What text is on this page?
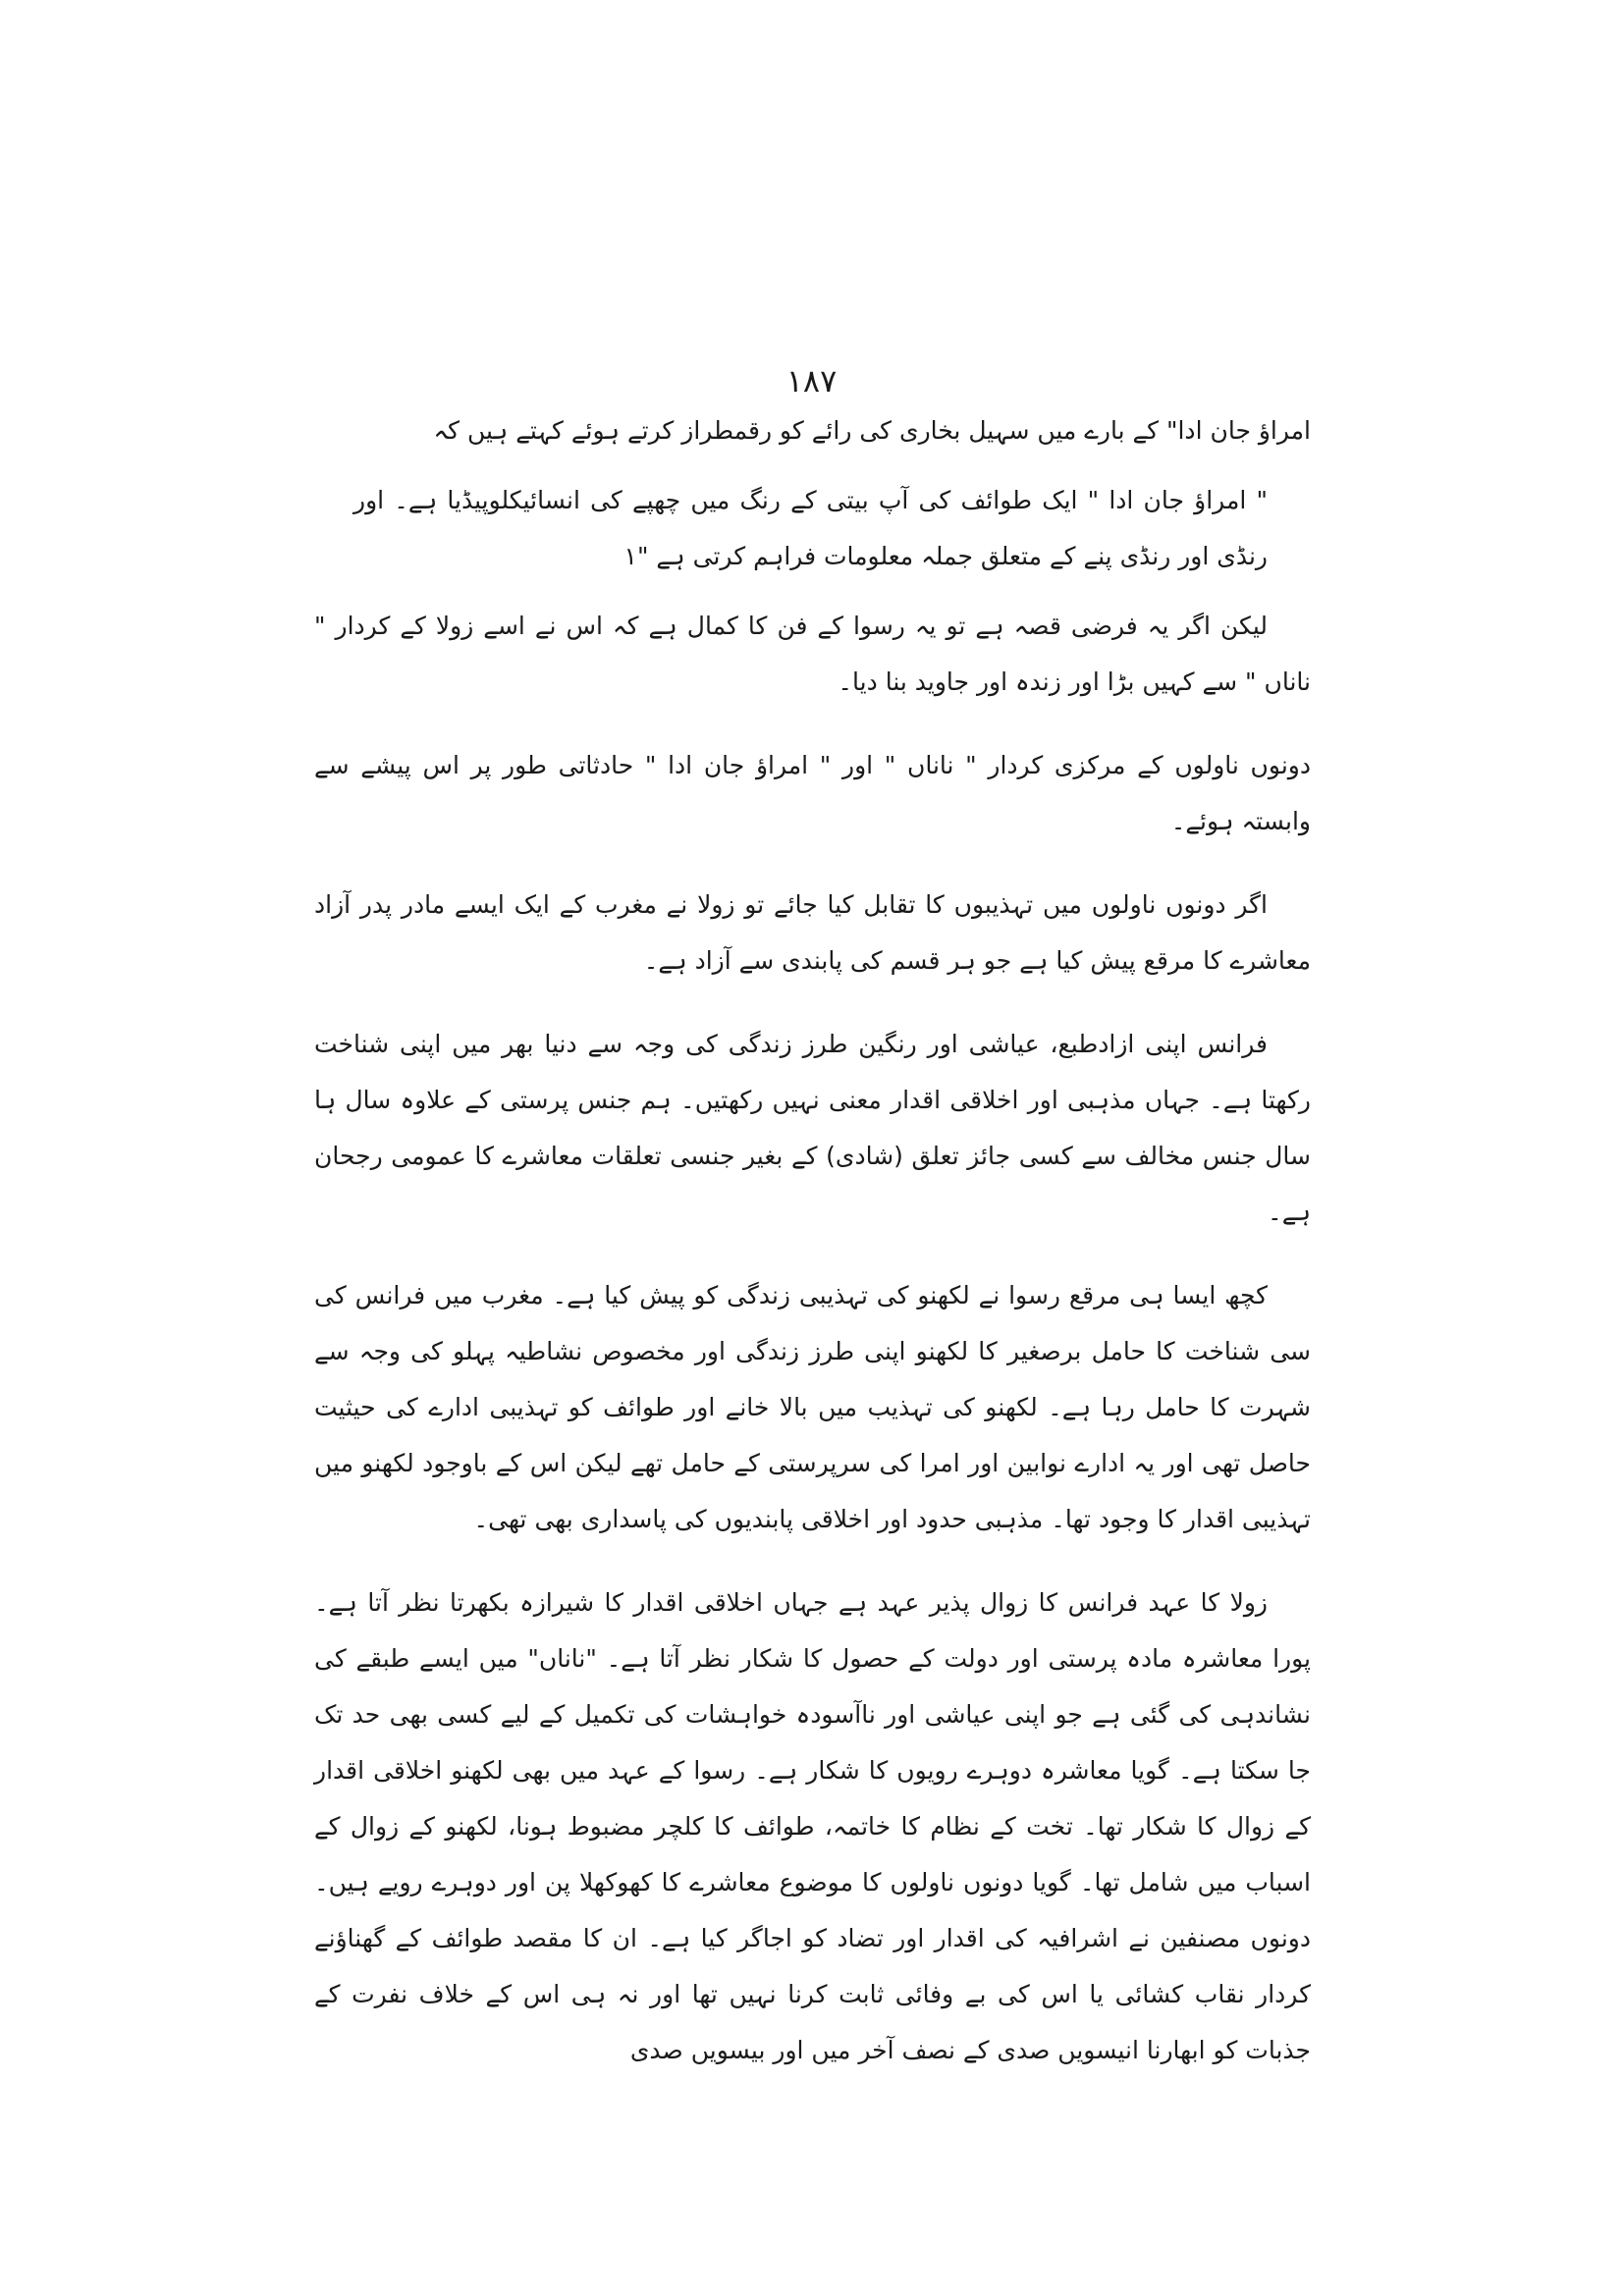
۱۸۷

امراؤ جان ادا" کے بارے میں سہیل بخاری کی رائے کو رقمطراز کرتے ہوئے کہتے ہیں کہ

" امراؤ جان ادا " ایک طوائف کی آپ بیتی کے رنگ میں چھپے کی انسائیکلوپیڈیا ہے۔ اور رنڈی اور رنڈی پنے کے متعلق جملہ معلومات فراہم کرتی ہے "۱

لیکن اگر یہ فرضی قصہ ہے تو یہ رسوا کے فن کا کمال ہے کہ اس نے اسے زولا کے کردار " ناناں " سے کہیں بڑا اور زندہ اور جاوید بنا دیا۔

دونوں ناولوں کے مرکزی کردار " ناناں " اور " امراؤ جان ادا " حادثاتی طور پر اس پیشے سے وابستہ ہوئے۔

اگر دونوں ناولوں میں تہذیبوں کا تقابل کیا جائے تو زولا نے مغرب کے ایک ایسے مادر پدر آزاد معاشرے کا مرقع پیش کیا ہے جو ہر قسم کی پابندی سے آزاد ہے۔

فرانس اپنی ازادطبع، عیاشی اور رنگین طرز زندگی کی وجہ سے دنیا بھر میں اپنی شناخت رکھتا ہے۔ جہاں مذہبی اور اخلاقی اقدار معنی نہیں رکھتیں۔ ہم جنس پرستی کے علاوہ سال ہا سال جنس مخالف سے کسی جائز تعلق (شادی) کے بغیر جنسی تعلقات معاشرے کا عمومی رجحان ہے۔

کچھ ایسا ہی مرقع رسوا نے لکھنو کی تہذیبی زندگی کو پیش کیا ہے۔ مغرب میں فرانس کی سی شناخت کا حامل برصغیر کا لکھنو اپنی طرز زندگی اور مخصوص نشاطیہ پہلو کی وجہ سے شہرت کا حامل رہا ہے۔ لکھنو کی تہذیب میں بالا خانے اور طوائف کو تہذیبی ادارے کی حیثیت حاصل تھی اور یہ ادارے نوابین اور امرا کی سرپرستی کے حامل تھے لیکن اس کے باوجود لکھنو میں تہذیبی اقدار کا وجود تھا۔ مذہبی حدود اور اخلاقی پابندیوں کی پاسداری بھی تھی۔

زولا کا عہد فرانس کا زوال پذیر عہد ہے جہاں اخلاقی اقدار کا شیرازہ بکھرتا نظر آتا ہے۔ پورا معاشرہ مادہ پرستی اور دولت کے حصول کا شکار نظر آتا ہے۔ "ناناں" میں ایسے طبقے کی نشاندہی کی گئی ہے جو اپنی عیاشی اور ناآسودہ خواہشات کی تکمیل کے لیے کسی بھی حد تک جا سکتا ہے۔ گویا معاشرہ دوہرے رویوں کا شکار ہے۔ رسوا کے عہد میں بھی لکھنو اخلاقی اقدار کے زوال کا شکار تھا۔ تخت کے نظام کا خاتمہ، طوائف کا کلچر مضبوط ہونا، لکھنو کے زوال کے اسباب میں شامل تھا۔ گویا دونوں ناولوں کا موضوع معاشرے کا کھوکھلا پن اور دوہرے رویے ہیں۔ دونوں مصنفین نے اشرافیہ کی اقدار اور تضاد کو اجاگر کیا ہے۔ ان کا مقصد طوائف کے گھناؤنے کردار نقاب کشائی یا اس کی بے وفائی ثابت کرنا نہیں تھا اور نہ ہی اس کے خلاف نفرت کے جذبات کو ابھارنا انیسویں صدی کے نصف آخر میں اور بیسویں صدی
